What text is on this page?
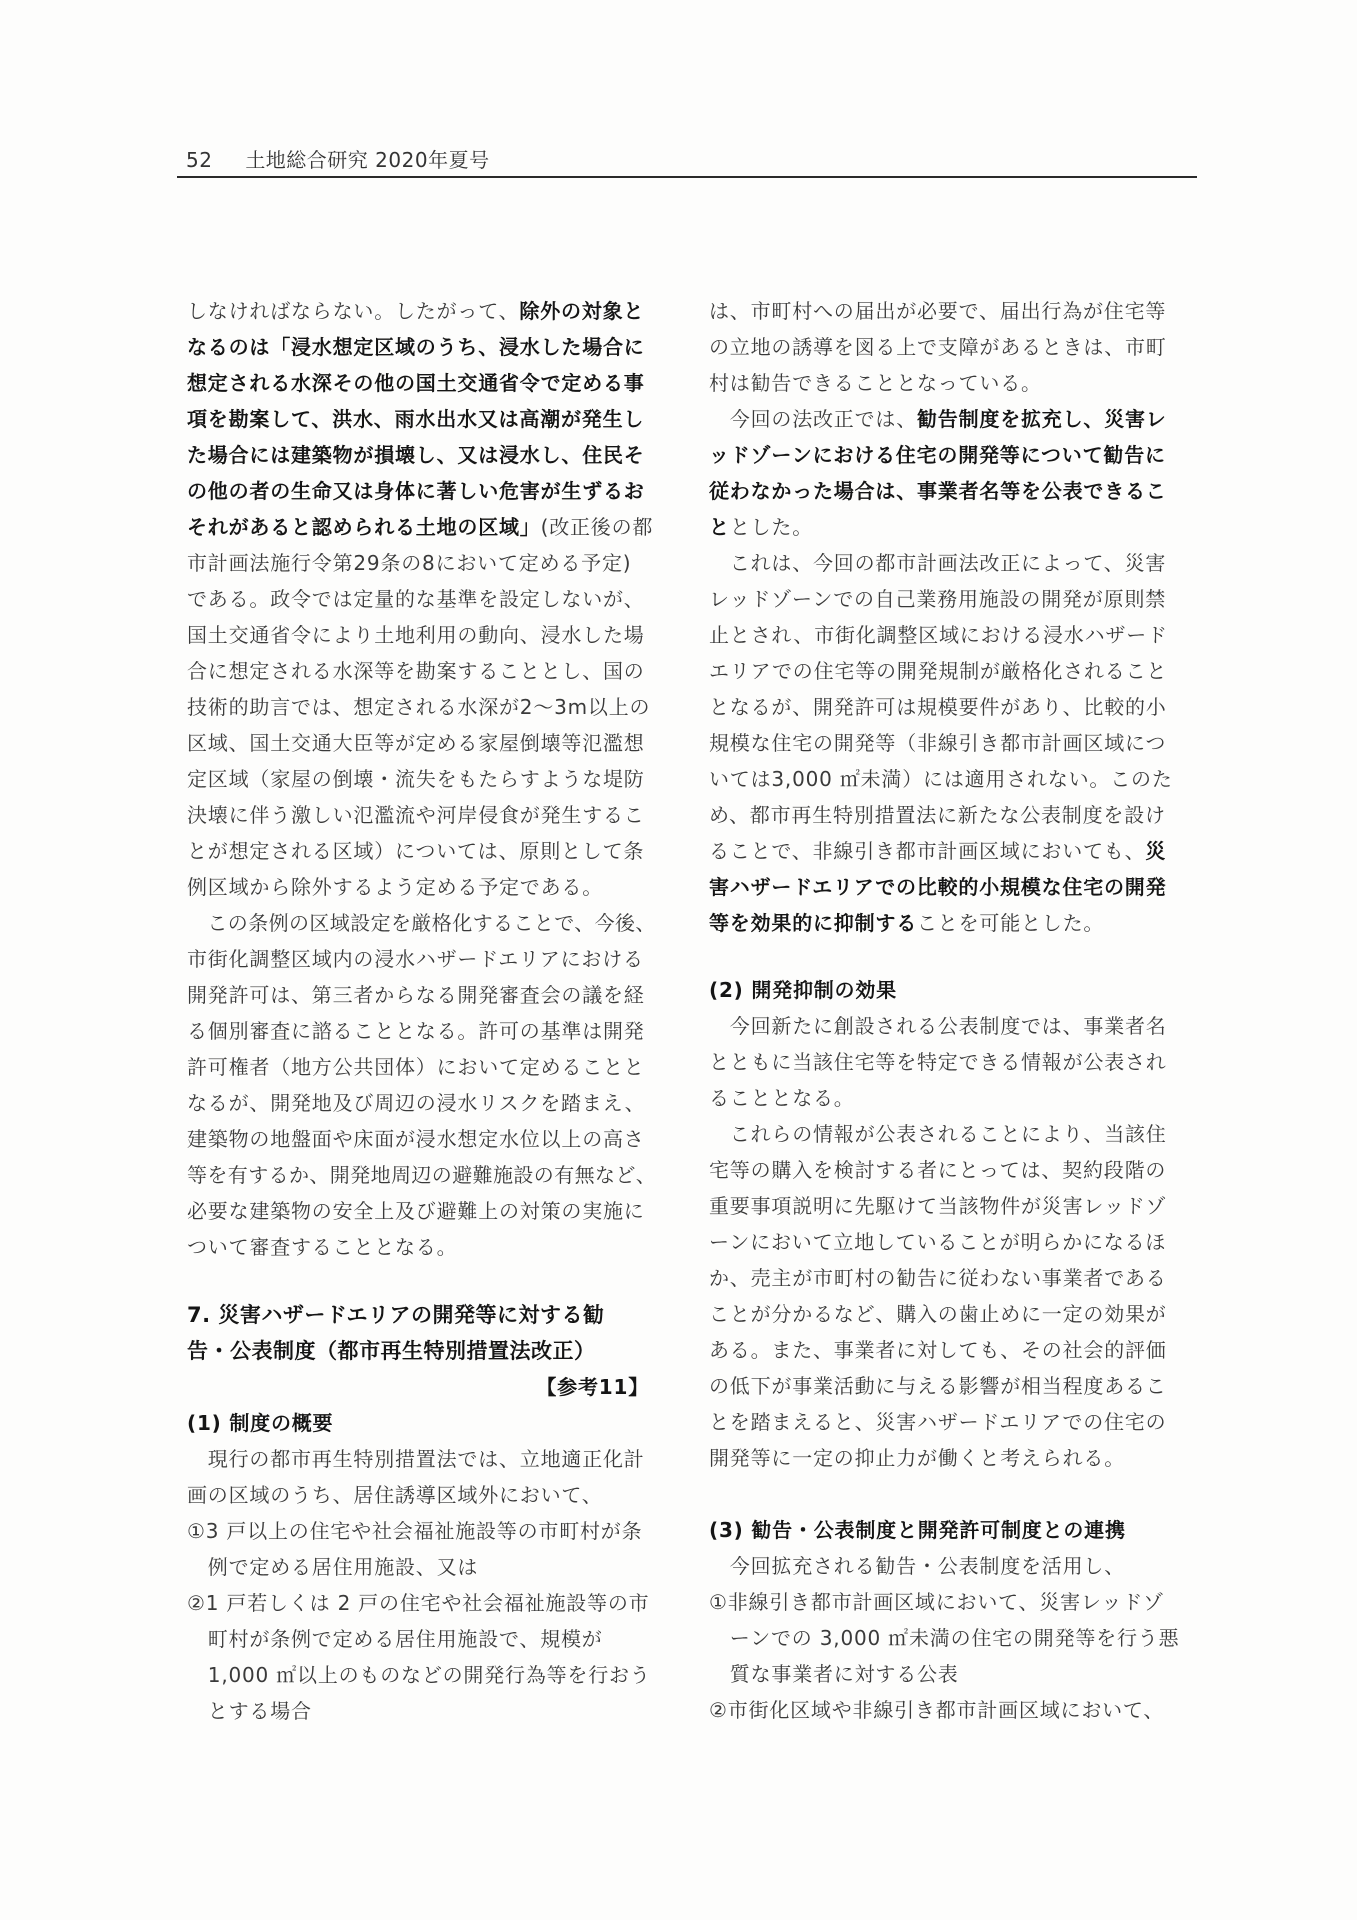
52 土地総合研究 2020年夏号
しなければならない。したがって、除外の対象と
なるのは「浸水想定区域のうち、浸水した場合に
想定される水深その他の国土交通省令で定める事
項を勘案して、洪水、雨水出水又は高潮が発生し
た場合には建築物が損壊し、又は浸水し、住民そ
の他の者の生命又は身体に著しい危害が生ずるお
それがあると認められる土地の区域」(改正後の都
市計画法施行令第29条の8において定める予定)
である。政令では定量的な基準を設定しないが、
国土交通省令により土地利用の動向、浸水した場
合に想定される水深等を勘案することとし、国の
技術的助言では、想定される水深が2～3m以上の
区域、国土交通大臣等が定める家屋倒壊等氾濫想
定区域（家屋の倒壊・流失をもたらすような堤防
決壊に伴う激しい氾濫流や河岸侵食が発生するこ
とが想定される区域）については、原則として条
例区域から除外するよう定める予定である。
　この条例の区域設定を厳格化することで、今後、
市街化調整区域内の浸水ハザードエリアにおける
開発許可は、第三者からなる開発審査会の議を経
る個別審査に諮ることとなる。許可の基準は開発
許可権者（地方公共団体）において定めることと
なるが、開発地及び周辺の浸水リスクを踏まえ、
建築物の地盤面や床面が浸水想定水位以上の高さ
等を有するか、開発地周辺の避難施設の有無など、
必要な建築物の安全上及び避難上の対策の実施に
ついて審査することとなる。
7. 災害ハザードエリアの開発等に対する勧
告・公表制度（都市再生特別措置法改正）
【参考11】
(1) 制度の概要
　現行の都市再生特別措置法では、立地適正化計
画の区域のうち、居住誘導区域外において、
①3 戸以上の住宅や社会福祉施設等の市町村が条
　例で定める居住用施設、又は
②1 戸若しくは 2 戸の住宅や社会福祉施設等の市
　町村が条例で定める居住用施設で、規模が
　1,000 ㎡以上のものなどの開発行為等を行おう
　とする場合
は、市町村への届出が必要で、届出行為が住宅等
の立地の誘導を図る上で支障があるときは、市町
村は勧告できることとなっている。
　今回の法改正では、勧告制度を拡充し、災害レ
ッドゾーンにおける住宅の開発等について勧告に
従わなかった場合は、事業者名等を公表できるこ
ととした。
　これは、今回の都市計画法改正によって、災害
レッドゾーンでの自己業務用施設の開発が原則禁
止とされ、市街化調整区域における浸水ハザード
エリアでの住宅等の開発規制が厳格化されること
となるが、開発許可は規模要件があり、比較的小
規模な住宅の開発等（非線引き都市計画区域につ
いては3,000 ㎡未満）には適用されない。このた
め、都市再生特別措置法に新たな公表制度を設け
ることで、非線引き都市計画区域においても、災
害ハザードエリアでの比較的小規模な住宅の開発
等を効果的に抑制することを可能とした。
(2) 開発抑制の効果
　今回新たに創設される公表制度では、事業者名
とともに当該住宅等を特定できる情報が公表され
ることとなる。
　これらの情報が公表されることにより、当該住
宅等の購入を検討する者にとっては、契約段階の
重要事項説明に先駆けて当該物件が災害レッドゾ
ーンにおいて立地していることが明らかになるほ
か、売主が市町村の勧告に従わない事業者である
ことが分かるなど、購入の歯止めに一定の効果が
ある。また、事業者に対しても、その社会的評価
の低下が事業活動に与える影響が相当程度あるこ
とを踏まえると、災害ハザードエリアでの住宅の
開発等に一定の抑止力が働くと考えられる。
(3) 勧告・公表制度と開発許可制度との連携
　今回拡充される勧告・公表制度を活用し、
①非線引き都市計画区域において、災害レッドゾ
　ーンでの 3,000 ㎡未満の住宅の開発等を行う悪
　質な事業者に対する公表
②市街化区域や非線引き都市計画区域において、
